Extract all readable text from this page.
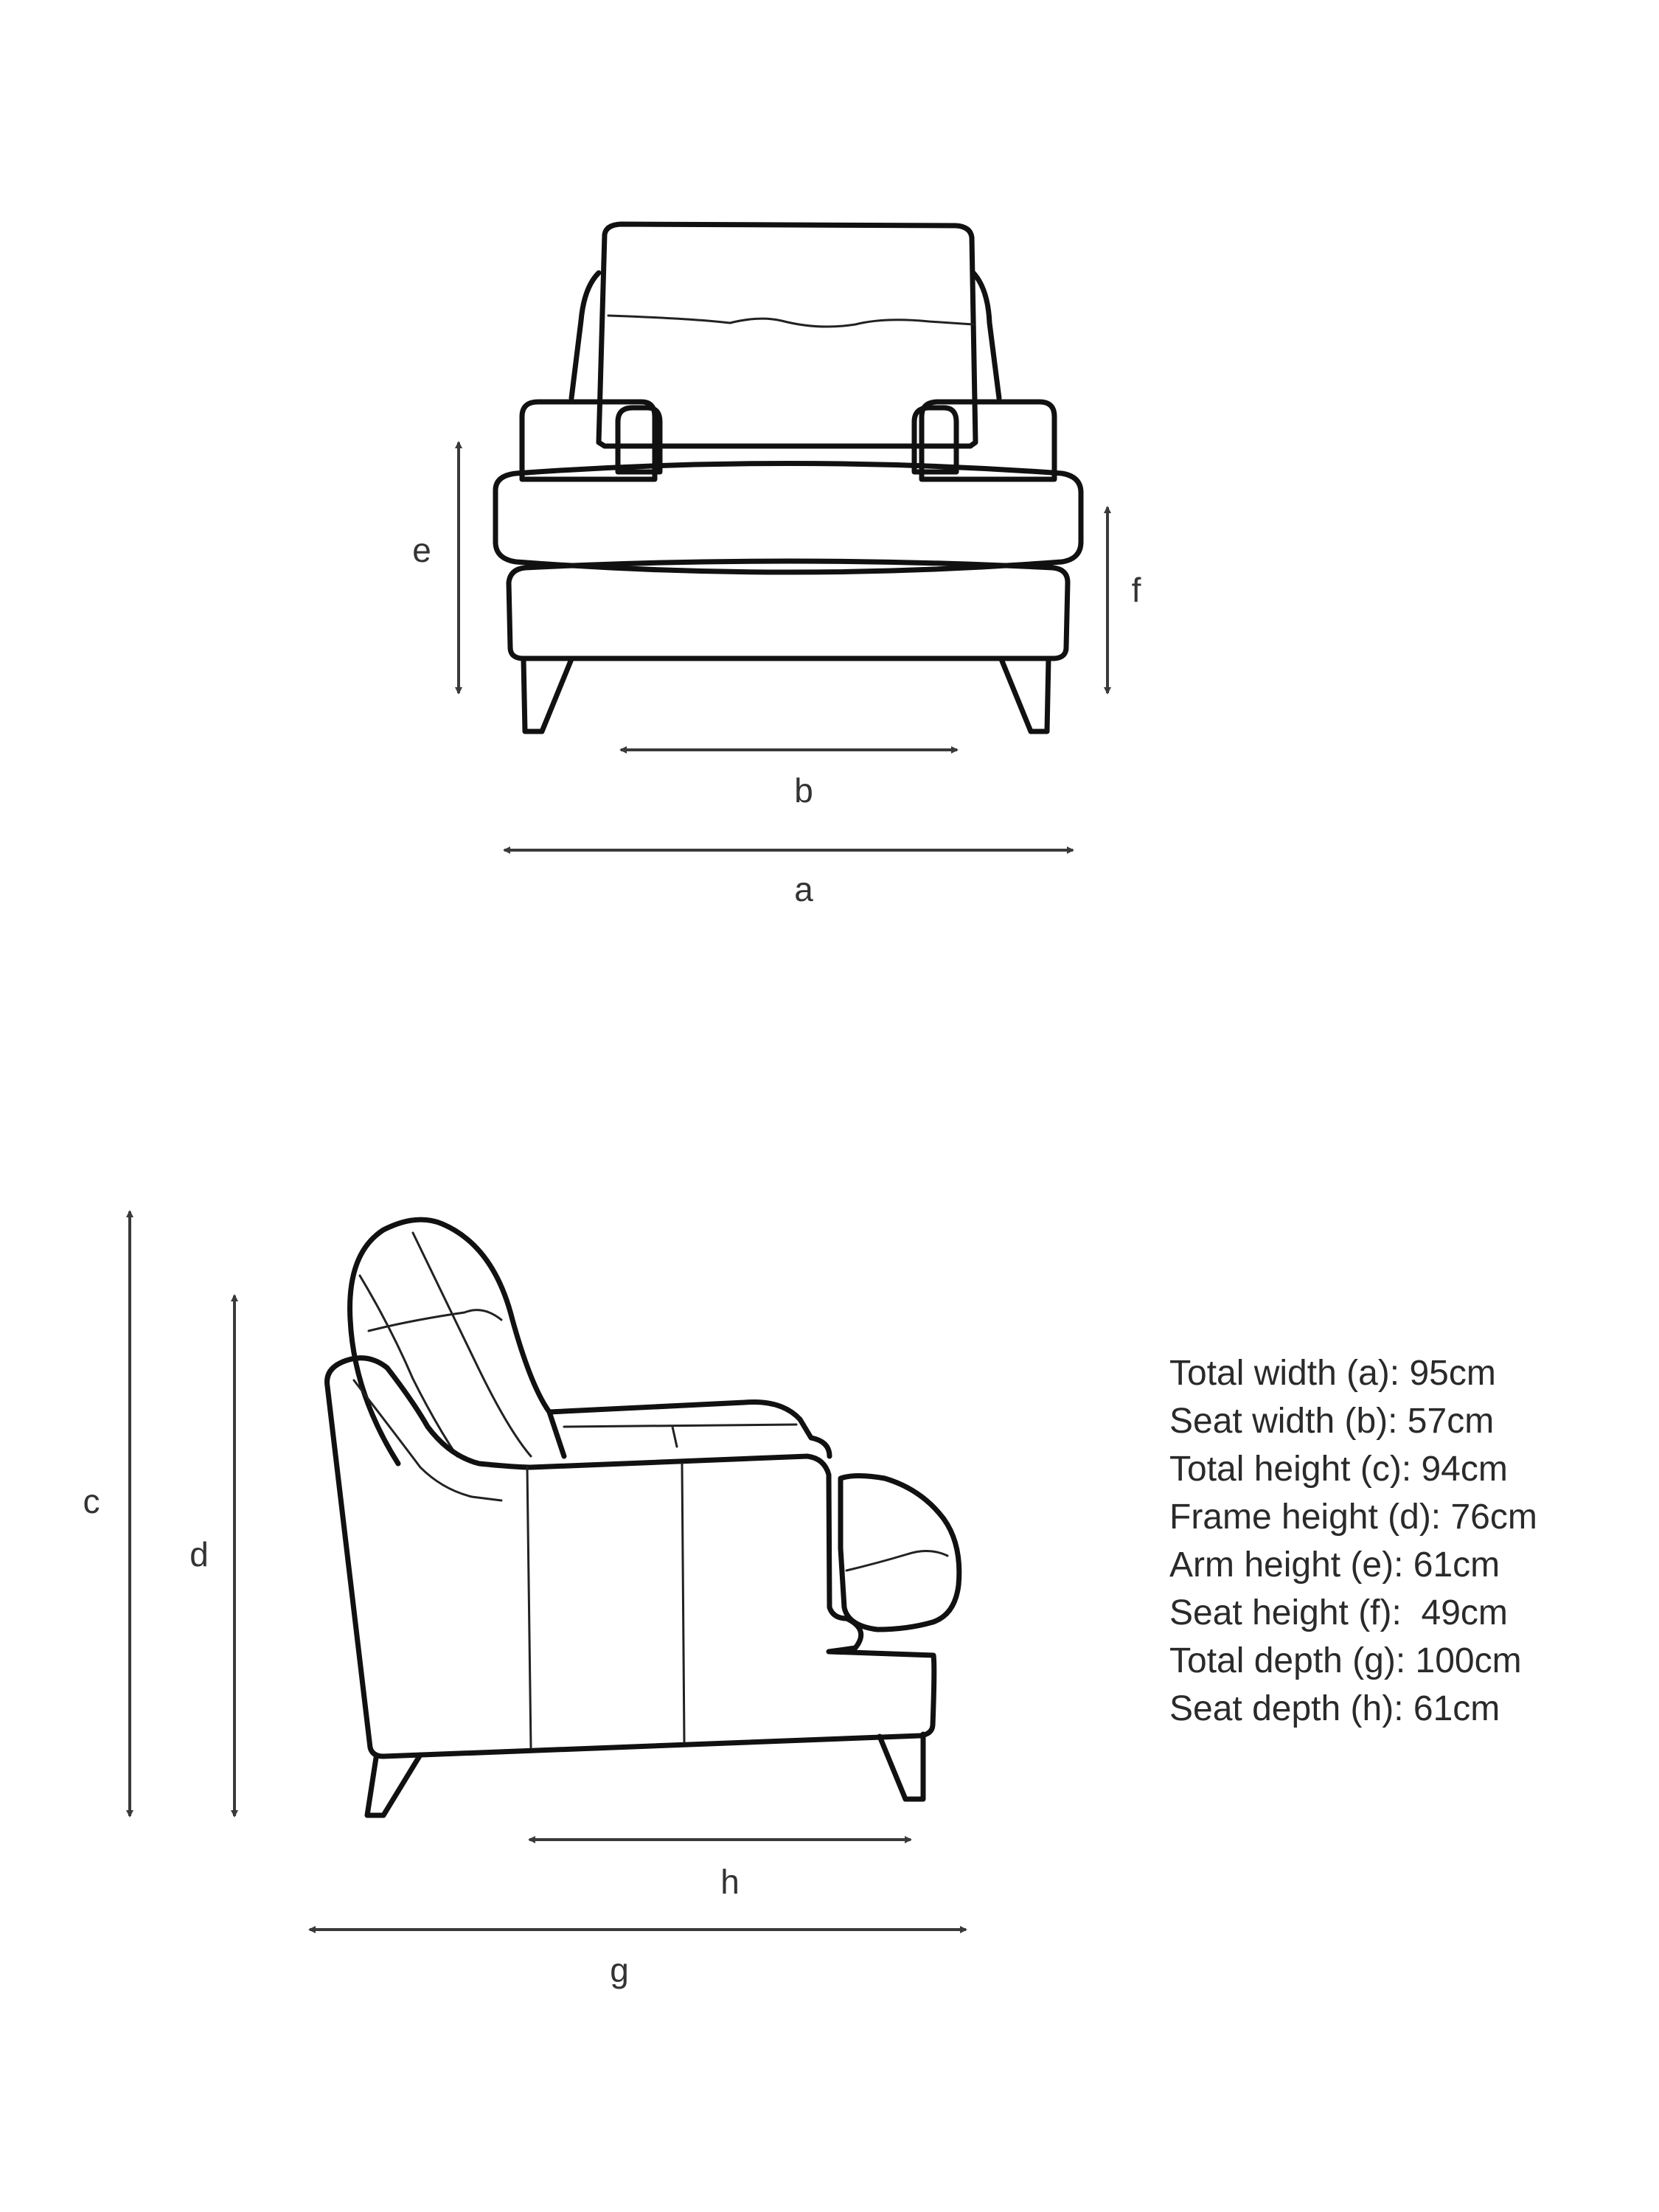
e
f
b
a
c
d
h
g
Total width (a): 95cm
Seat width (b): 57cm
Total height (c): 94cm
Frame height (d): 76cm
Arm height (e): 61cm
Seat height (f):  49cm
Total depth (g): 100cm
Seat depth (h): 61cm
